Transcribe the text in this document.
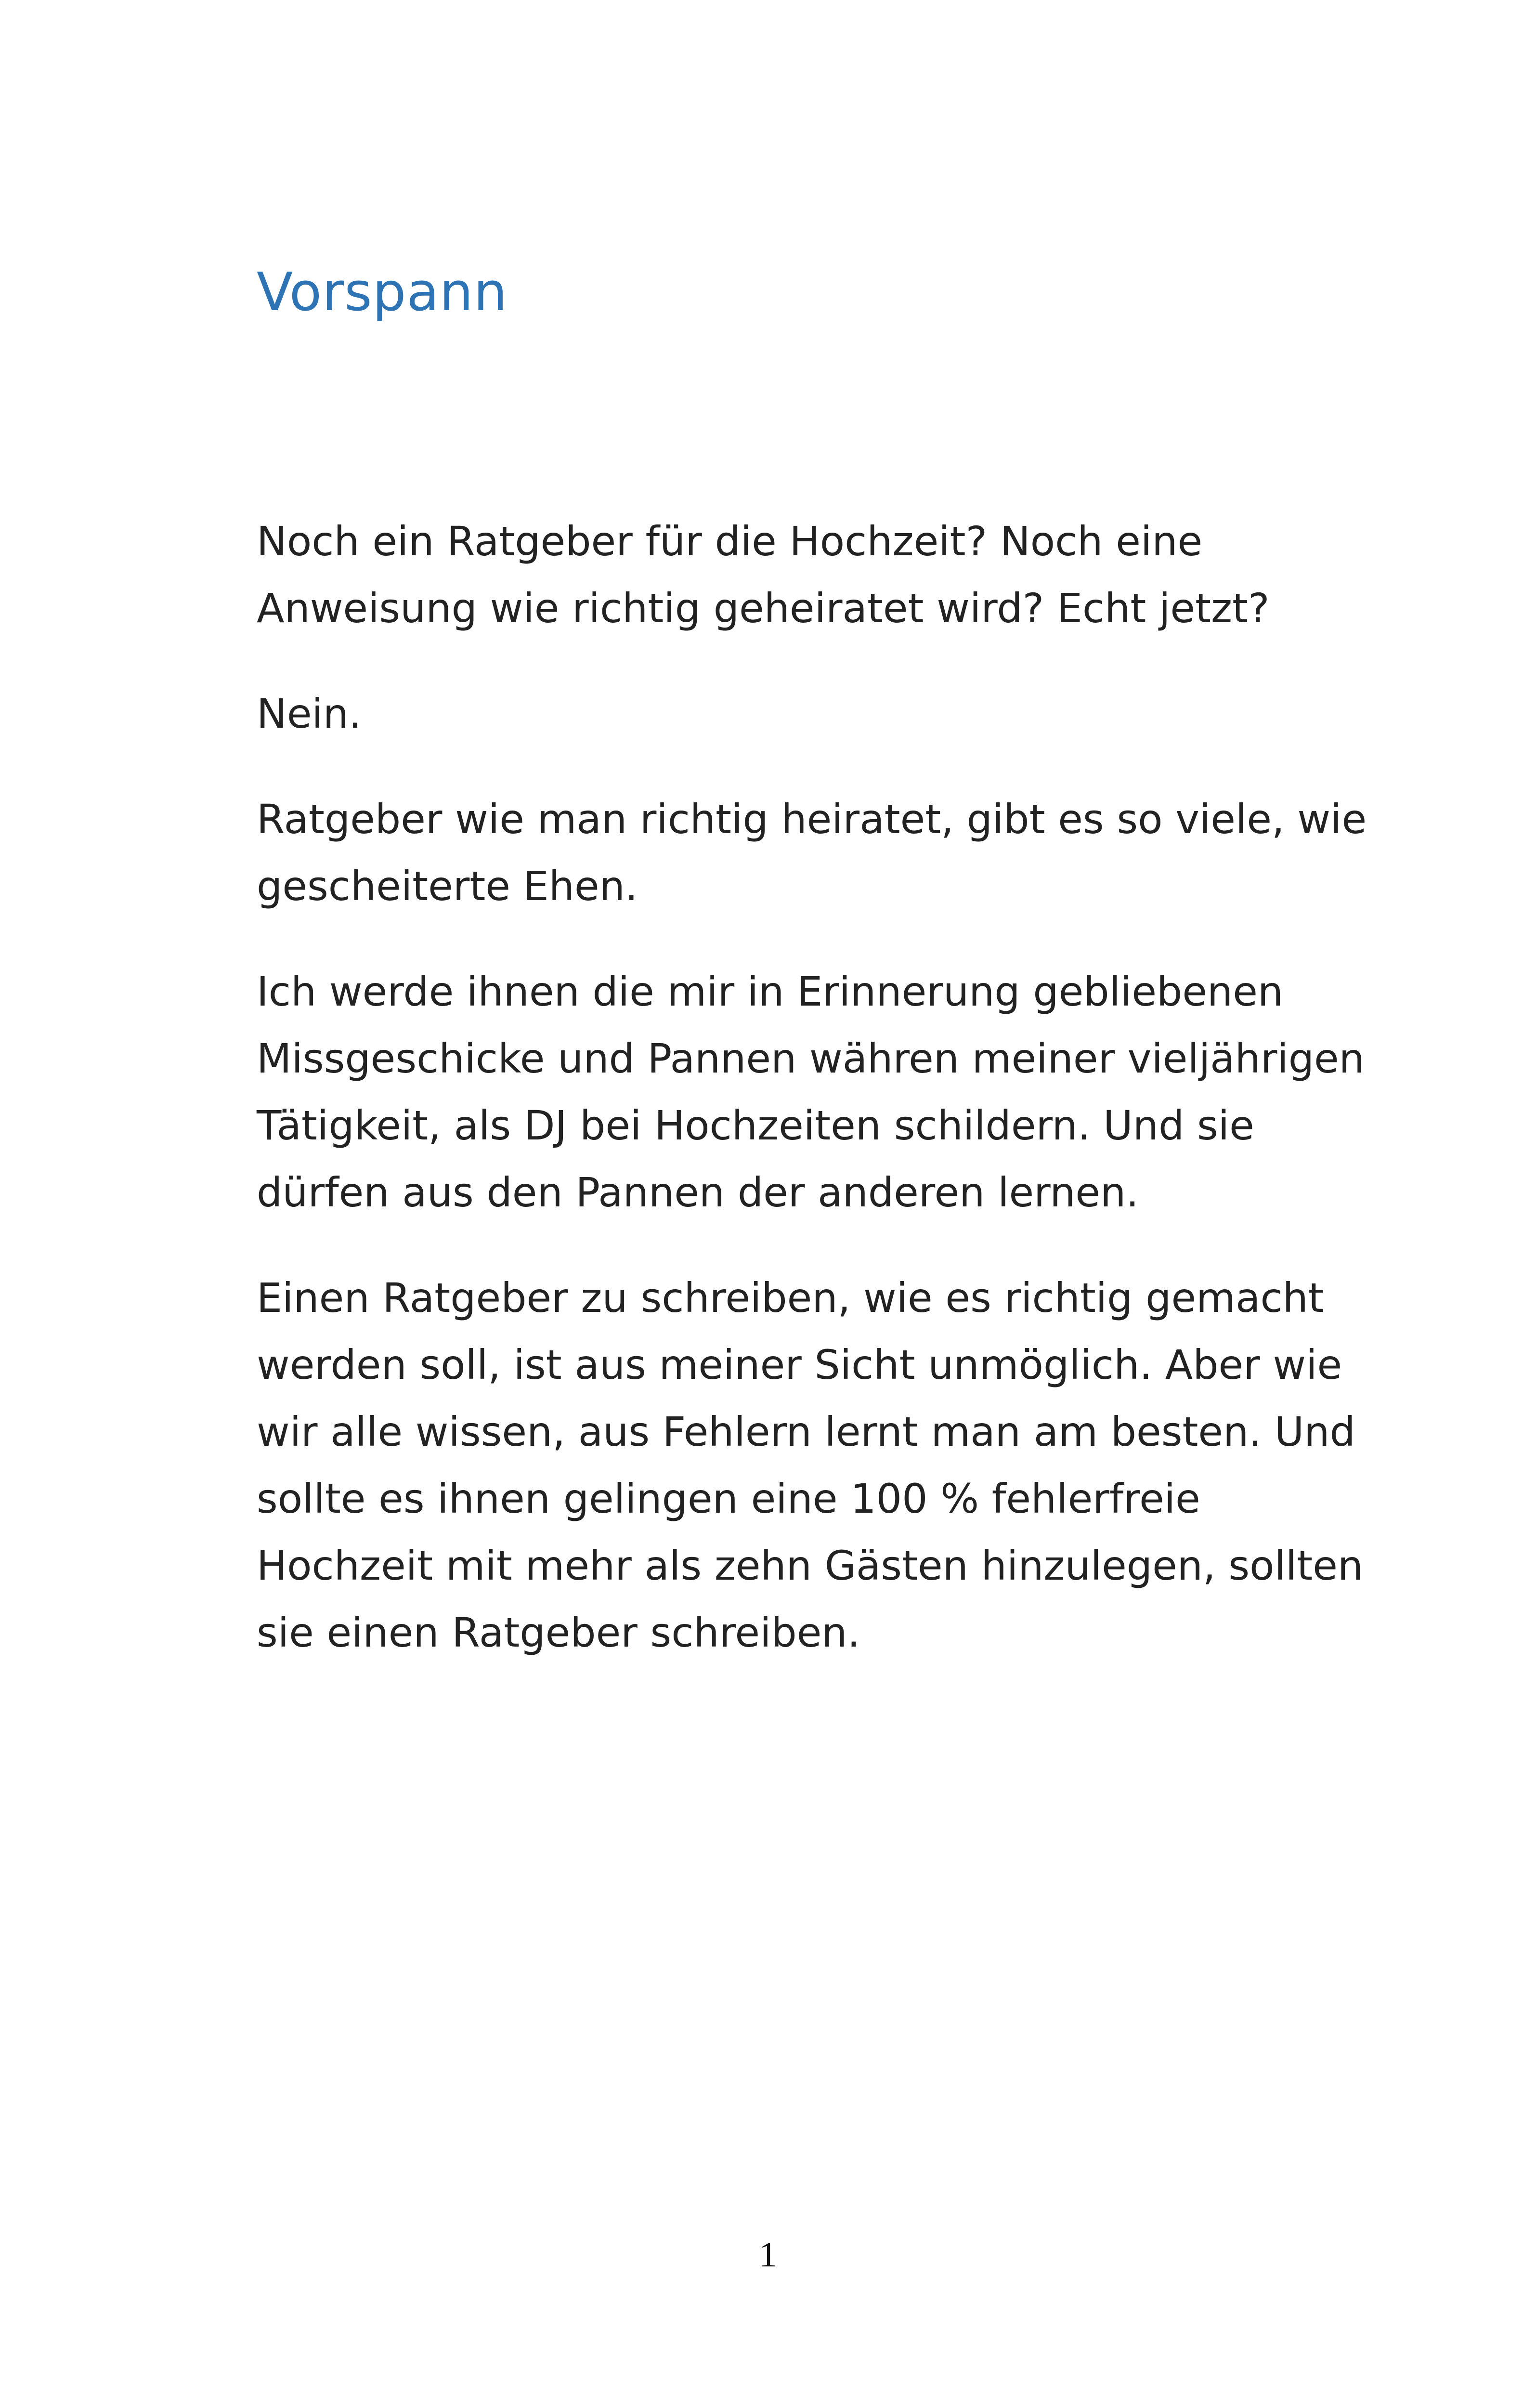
Vorspann

Noch ein Ratgeber für die Hochzeit? Noch eine Anweisung wie richtig geheiratet wird? Echt jetzt?

Nein.

Ratgeber wie man richtig heiratet, gibt es so viele, wie gescheiterte Ehen.

Ich werde ihnen die mir in Erinnerung gebliebenen Missgeschicke und Pannen währen meiner vieljährigen Tätigkeit, als DJ bei Hochzeiten schildern. Und sie dürfen aus den Pannen der anderen lernen.

Einen Ratgeber zu schreiben, wie es richtig gemacht werden soll, ist aus meiner Sicht unmöglich. Aber wie wir alle wissen, aus Fehlern lernt man am besten. Und sollte es ihnen gelingen eine 100 % fehlerfreie Hochzeit mit mehr als zehn Gästen hinzulegen, sollten sie einen Ratgeber schreiben.

1
